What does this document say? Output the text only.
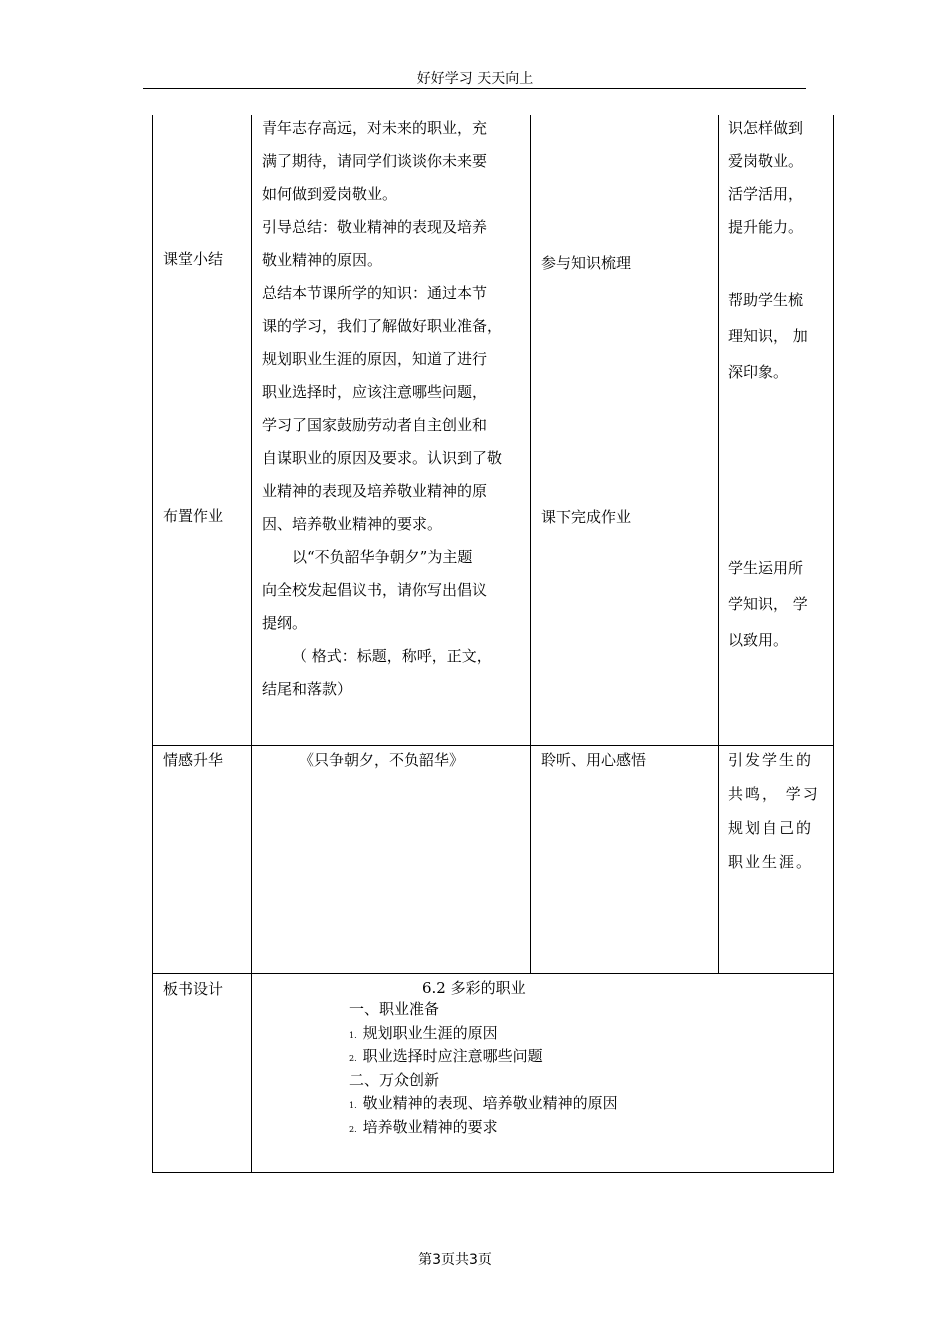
好好学习 天天向上
第3页共3页
课堂小结
布置作业
情感升华
板书设计

青年志存高远，对未来的职业，充

满了期待，请同学们谈谈你未来要

如何做到爱岗敬业。

引导总结：敬业精神的表现及培养

敬业精神的原因。

总结本节课所学的知识：通过本节

课的学习，我们了解做好职业准备，

规划职业生涯的原因，知道了进行

职业选择时，应该注意哪些问题，

学习了国家鼓励劳动者自主创业和

自谋职业的原因及要求。认识到了敬

业精神的表现及培养敬业精神的原

因、培养敬业精神的要求。

以“不负韶华争朝夕”为主题

向全校发起倡议书，请你写出倡议

提纲。

（ 格式：标题，称呼，正文，

结尾和落款）

参与知识梳理
课下完成作业

识怎样做到

爱岗敬业。

活学活用，

提升能力。

帮助学生梳

理知识， 加

深印象。

学生运用所

学知识， 学

以致用。

《只争朝夕，不负韶华》	聆听、用心感悟	引发学生的

共鸣， 学习

规划自己的

职业生涯。

6.2 多彩的职业

一、职业准备

$^{1.}$ 规划职业生涯的原因

$^{2.}$ 职业选择时应注意哪些问题

二、万众创新

$^{1.}$ 敬业精神的表现、培养敬业精神的原因

$^{2.}$ 培养敬业精神的要求
